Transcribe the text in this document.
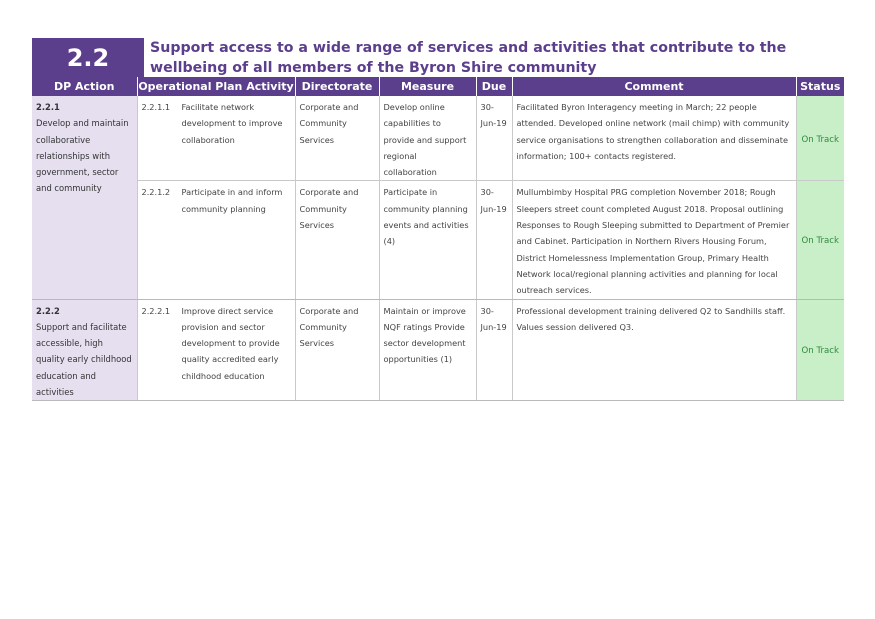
2.2	Support access to a wide range of services and activities that contribute to the wellbeing of all members of the Byron Shire community
DP Action	Operational Plan Activity	Directorate	Measure	Due	Comment	Status
2.2.1
Develop and maintain collaborative relationships with government, sector and community	2.2.1.1 Facilitate network development to improve collaboration	Corporate and Community Services	Develop online capabilities to provide and support regional collaboration	30-Jun-19	Facilitated Byron Interagency meeting in March; 22 people attended. Developed online network (mail chimp) with community service organisations to strengthen collaboration and disseminate information; 100+ contacts registered.	On Track

	2.2.1.2 Participate in and inform community planning	Corporate and Community Services	Participate in community planning events and activities (4)	30-Jun-19	Mullumbimby Hospital PRG completion November 2018; Rough Sleepers street count completed August 2018. Proposal outlining Responses to Rough Sleeping submitted to Department of Premier and Cabinet. Participation in Northern Rivers Housing Forum, District Homelessness Implementation Group, Primary Health Network local/regional planning activities and planning for local outreach services.	On Track
2.2.2
Support and facilitate accessible, high quality early childhood education and activities	2.2.2.1 Improve direct service provision and sector development to provide quality accredited early childhood education	Corporate and Community Services	Maintain or improve NQF ratings Provide sector development opportunities (1)	30-Jun-19	Professional development training delivered Q2 to Sandhills staff. Values session delivered Q3.	On Track
